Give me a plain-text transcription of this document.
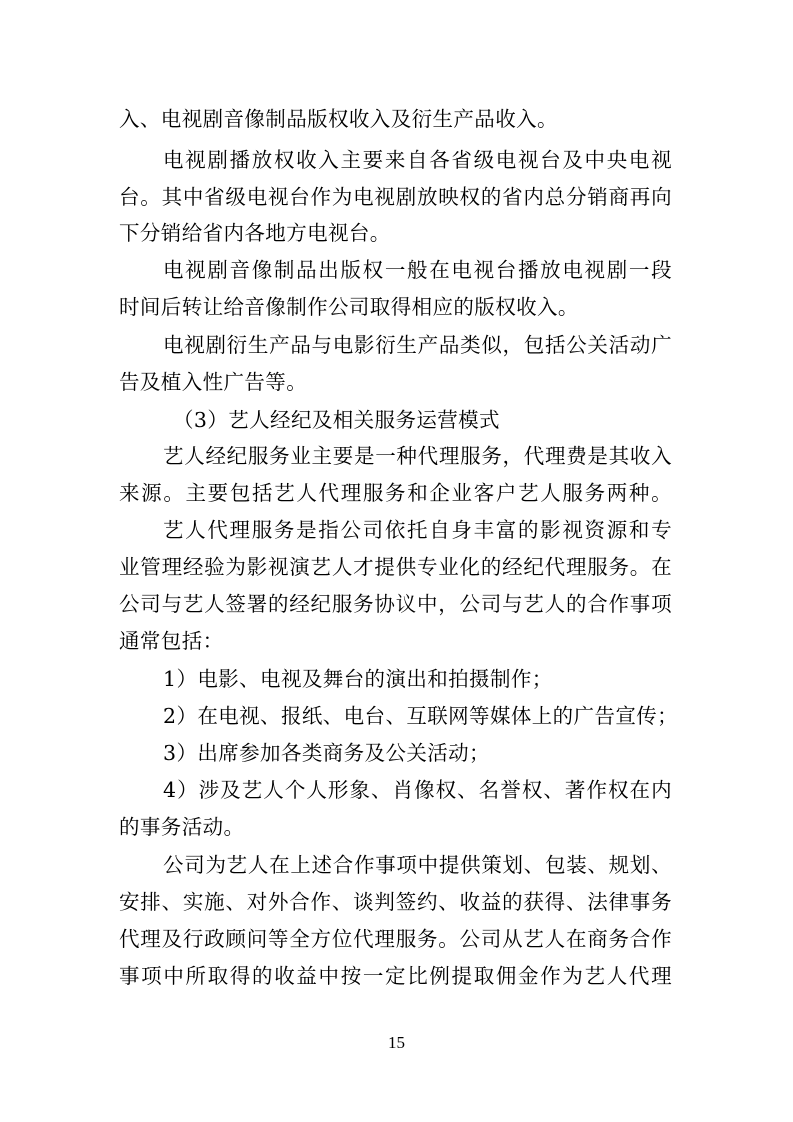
入、电视剧音像制品版权收入及衍生产品收入。
电视剧播放权收入主要来自各省级电视台及中央电视
台。其中省级电视台作为电视剧放映权的省内总分销商再向
下分销给省内各地方电视台。
电视剧音像制品出版权一般在电视台播放电视剧一段
时间后转让给音像制作公司取得相应的版权收入。
电视剧衍生产品与电影衍生产品类似，包括公关活动广
告及植入性广告等。
（3）艺人经纪及相关服务运营模式
艺人经纪服务业主要是一种代理服务，代理费是其收入
来源。主要包括艺人代理服务和企业客户艺人服务两种。
艺人代理服务是指公司依托自身丰富的影视资源和专
业管理经验为影视演艺人才提供专业化的经纪代理服务。在
公司与艺人签署的经纪服务协议中，公司与艺人的合作事项
通常包括：
1）电影、电视及舞台的演出和拍摄制作；
2）在电视、报纸、电台、互联网等媒体上的广告宣传；
3）出席参加各类商务及公关活动；
4）涉及艺人个人形象、肖像权、名誉权、著作权在内
的事务活动。
公司为艺人在上述合作事项中提供策划、包装、规划、
安排、实施、对外合作、谈判签约、收益的获得、法律事务
代理及行政顾问等全方位代理服务。公司从艺人在商务合作
事项中所取得的收益中按一定比例提取佣金作为艺人代理
15
